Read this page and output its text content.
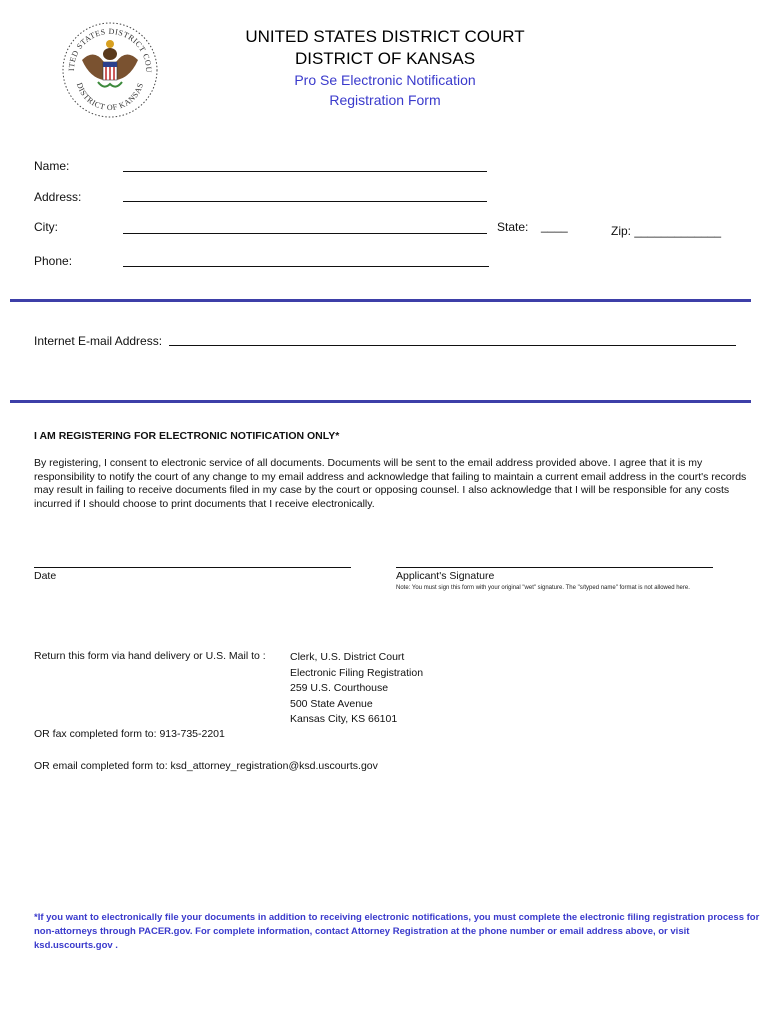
ITED STATES DISTRICT COU
DISTRICT OF KANSAS
UNITED STATES DISTRICT COURT
DISTRICT OF KANSAS
Pro Se Electronic Notification
Registration Form
Name:
Address:
City:	State: ____	Zip: _____________
Phone:
Internet E-mail Address:
I AM REGISTERING FOR ELECTRONIC NOTIFICATION ONLY*
By registering, I consent to electronic service of all documents. Documents will be sent to the email address provided above. I agree that it is my responsibility to notify the court of any change to my email address and acknowledge that failing to maintain a current email address in the court's records may result in failing to receive documents filed in my case by the court or opposing counsel. I also acknowledge that I will be responsible for any costs incurred if I should choose to print documents that I receive electronically.
Date	Applicant's Signature
Note: You must sign this form with your original "wet" signature. The "s/typed name" format is not allowed here.
Return this form via hand delivery or U.S. Mail to : Clerk, U.S. District Court
Electronic Filing Registration
259 U.S. Courthouse
500 State Avenue
Kansas City, KS 66101
OR fax completed form to: 913-735-2201
OR email completed form to: ksd_attorney_registration@ksd.uscourts.gov
*If you want to electronically file your documents in addition to receiving electronic notifications, you must complete the electronic filing registration process for non-attorneys through PACER.gov. For complete information, contact Attorney Registration at the phone number or email address above, or visit ksd.uscourts.gov .
